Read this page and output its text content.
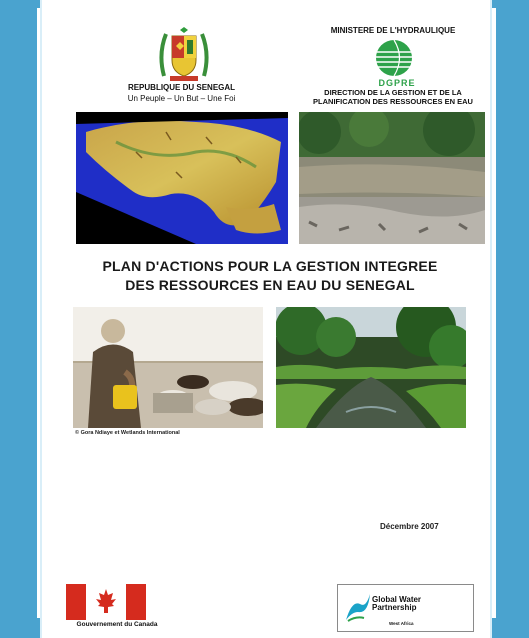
REPUBLIQUE DU SENEGAL
Un Peuple – Un But – Une Foi
MINISTERE DE L'HYDRAULIQUE
DGPRE
DIRECTION DE LA GESTION ET DE LA
PLANIFICATION DES RESSOURCES EN EAU
PLAN D'ACTIONS POUR LA GESTION INTEGREE
DES RESSOURCES EN EAU DU SENEGAL
© Gora Ndiaye et Wetlands International
Décembre 2007
Gouvernement du Canada
Global Water
Partnership
West Africa
